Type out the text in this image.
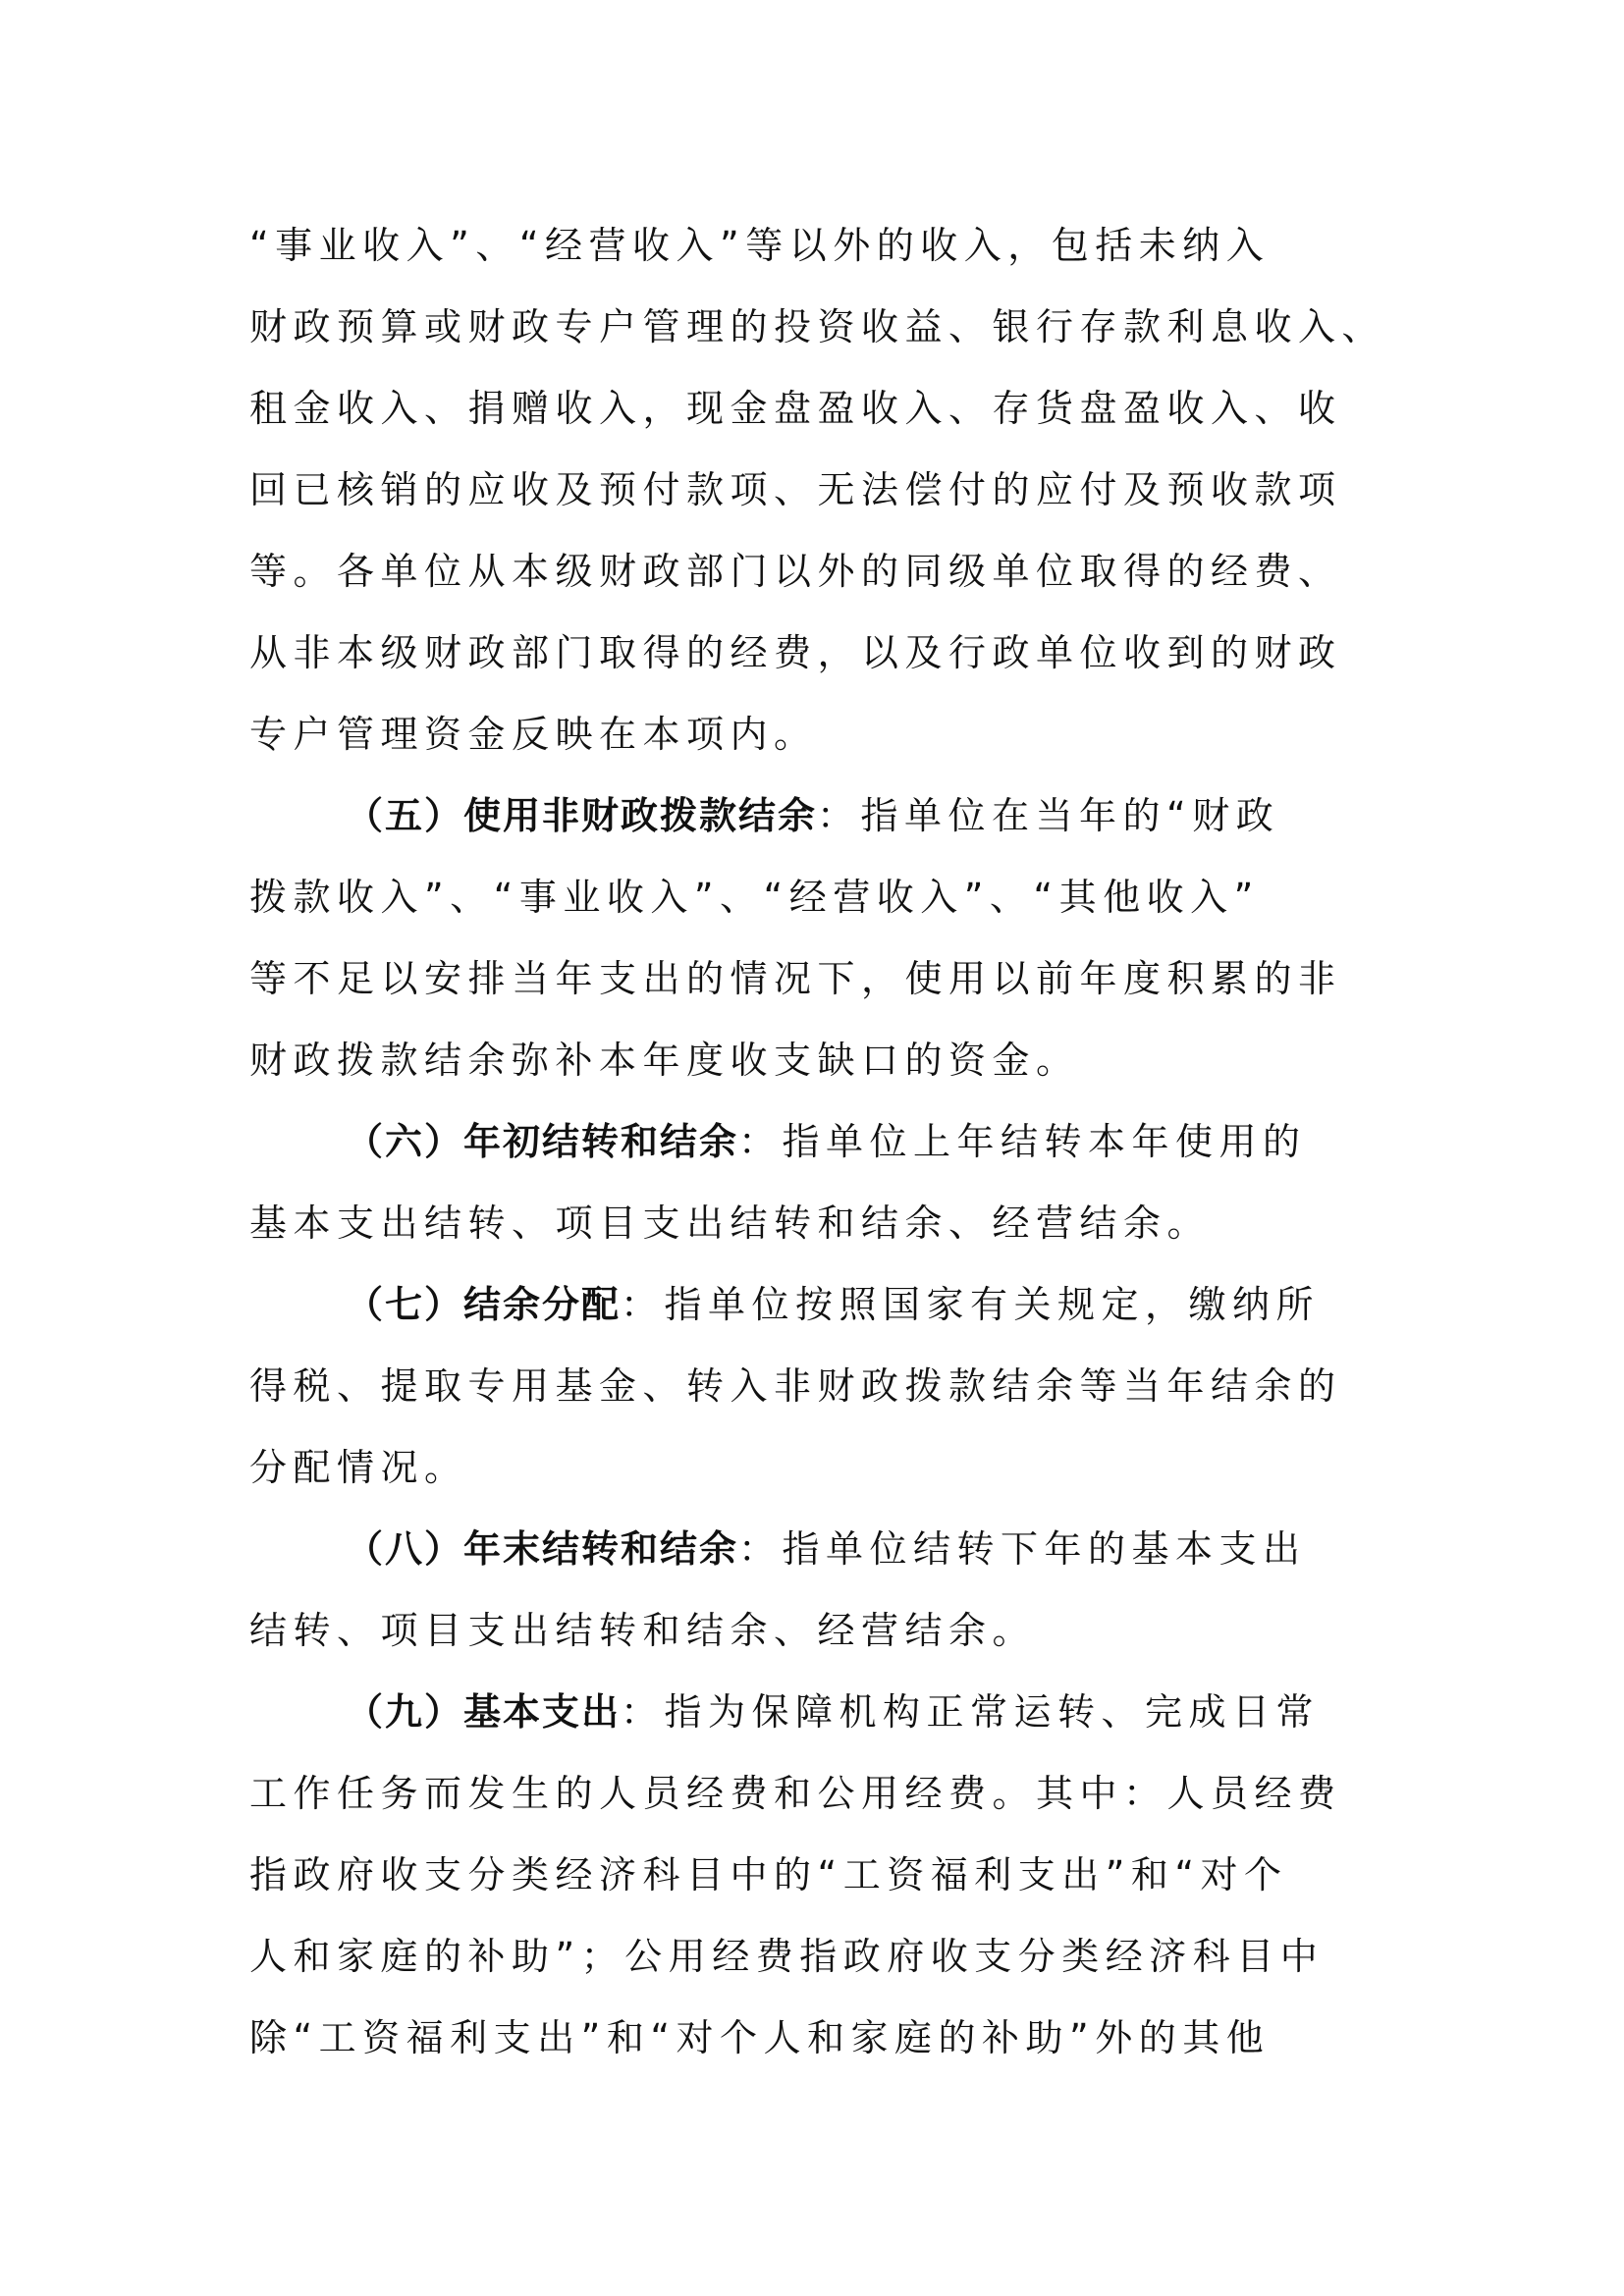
“事业收入”、“经营收入”等以外的收入，包括未纳入
财政预算或财政专户管理的投资收益、银行存款利息收入、
租金收入、捐赠收入，现金盘盈收入、存货盘盈收入、收
回已核销的应收及预付款项、无法偿付的应付及预收款项
等。各单位从本级财政部门以外的同级单位取得的经费、
从非本级财政部门取得的经费，以及行政单位收到的财政
专户管理资金反映在本项内。
（五）使用非财政拨款结余：指单位在当年的“财政
拨款收入”、“事业收入”、“经营收入”、“其他收入”
等不足以安排当年支出的情况下，使用以前年度积累的非
财政拨款结余弥补本年度收支缺口的资金。
（六）年初结转和结余：指单位上年结转本年使用的
基本支出结转、项目支出结转和结余、经营结余。
（七）结余分配：指单位按照国家有关规定，缴纳所
得税、提取专用基金、转入非财政拨款结余等当年结余的
分配情况。
（八）年末结转和结余：指单位结转下年的基本支出
结转、项目支出结转和结余、经营结余。
（九）基本支出：指为保障机构正常运转、完成日常
工作任务而发生的人员经费和公用经费。其中：人员经费
指政府收支分类经济科目中的“工资福利支出”和“对个
人和家庭的补助”；公用经费指政府收支分类经济科目中
除“工资福利支出”和“对个人和家庭的补助”外的其他
